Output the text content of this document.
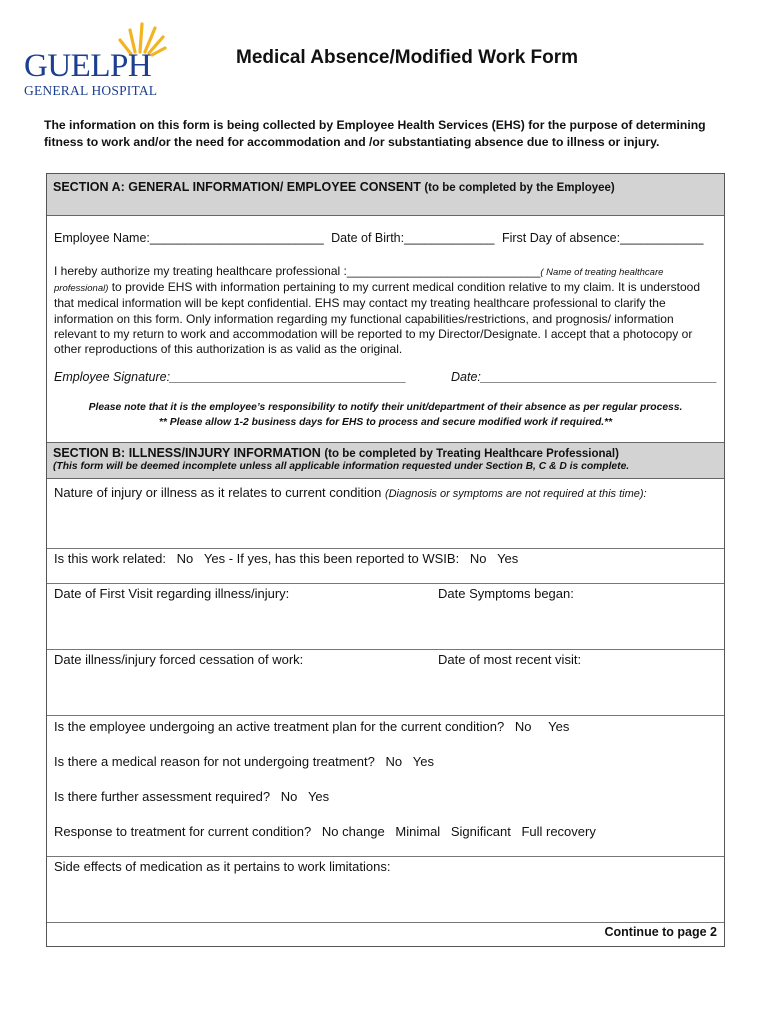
GUELPH
GENERAL HOSPITAL
Medical Absence/Modified Work Form
The information on this form is being collected by Employee Health Services (EHS) for the purpose of determining fitness to work and/or the need for accommodation and /or substantiating absence due to illness or injury.
SECTION A: GENERAL INFORMATION/ EMPLOYEE CONSENT (to be completed by the Employee)
Employee Name:_________________________ Date of Birth:_____________ First Day of absence:____________
I hereby authorize my treating healthcare professional :_____________________________( Name of treating healthcare professional) to provide EHS with information pertaining to my current medical condition relative to my claim. It is understood that medical information will be kept confidential. EHS may contact my treating healthcare professional to clarify the information on this form. Only information regarding my functional capabilities/restrictions, and prognosis/ information relevant to my return to work and accommodation will be reported to my Director/Designate. I accept that a photocopy or other reproductions of this authorization is as valid as the original.
Employee Signature:__________________________________	Date:__________________________________
Please note that it is the employee’s responsibility to notify their unit/department of their absence as per regular process.
** Please allow 1-2 business days for EHS to process and secure modified work if required.**
SECTION B: ILLNESS/INJURY INFORMATION (to be completed by Treating Healthcare Professional)
(This form will be deemed incomplete unless all applicable information requested under Section B, C & D is complete.
Nature of injury or illness as it relates to current condition (Diagnosis or symptoms are not required at this time):
Is this work related: No Yes - If yes, has this been reported to WSIB: No Yes
Date of First Visit regarding illness/injury:	Date Symptoms began:
Date illness/injury forced cessation of work:	Date of most recent visit:
Is the employee undergoing an active treatment plan for the current condition? No Yes
Is there a medical reason for not undergoing treatment? No Yes
Is there further assessment required? No Yes
Response to treatment for current condition? No change Minimal Significant Full recovery
Side effects of medication as it pertains to work limitations:
Continue to page 2
